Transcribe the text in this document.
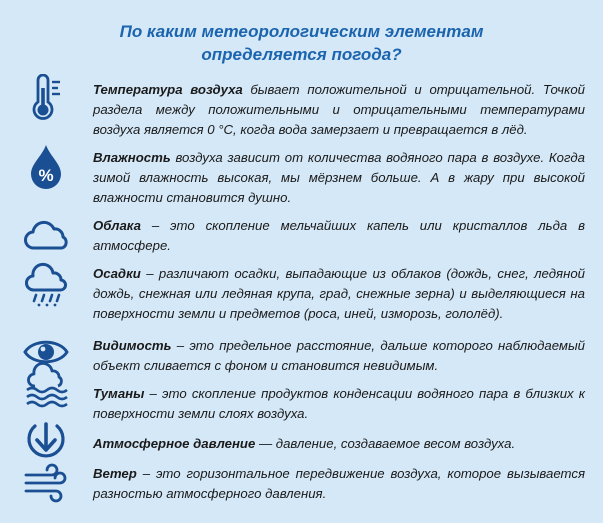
По каким метеорологическим элементам
определяется погода?
Температура воздуха бывает положительной и отрицательной. Точкой раздела между положительными и отрицательными температурами воздуха является 0 °С, когда вода замерзает и превращается в лёд.
%
Влажность воздуха зависит от количества водяного пара в воздухе. Когда зимой влажность высокая, мы мёрзнем больше. А в жару при высокой влажности становится душно.
Облака – это скопление мельчайших капель или кристаллов льда в атмосфере.
Осадки – различают осадки, выпадающие из облаков (дождь, снег, ледяной дождь, снежная или ледяная крупа, град, снежные зерна) и выделяющиеся на поверхности земли и предметов (роса, иней, изморозь, гололёд).
Видимость – это предельное расстояние, дальше которого наблюдаемый объект сливается с фоном и становится невидимым.
Туманы – это скопление продуктов конденсации водяного пара в близких к поверхности земли слоях воздуха.
Атмосферное давление — давление, создаваемое весом воздуха.
Ветер – это горизонтальное передвижение воздуха, которое вызывается разностью атмосферного давления.
